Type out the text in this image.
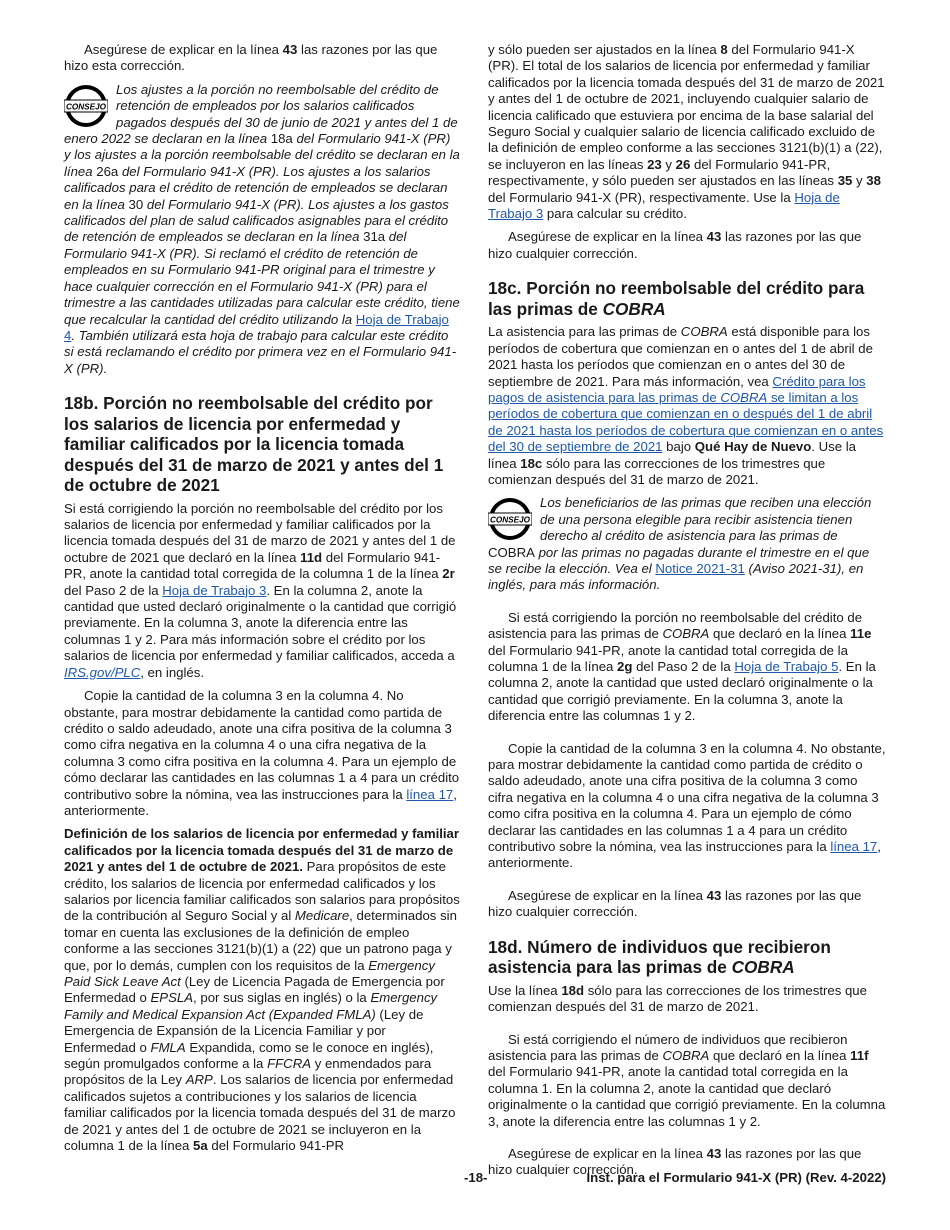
Asegúrese de explicar en la línea 43 las razones por las que hizo esta corrección.

CONSEJO
Los ajustes a la porción no reembolsable del crédito de retención de empleados por los salarios calificados pagados después del 30 de junio de 2021 y antes del 1 de enero 2022 se declaran en la línea 18a del Formulario 941-X (PR) y los ajustes a la porción reembolsable del crédito se declaran en la línea 26a del Formulario 941-X (PR). Los ajustes a los salarios calificados para el crédito de retención de empleados se declaran en la línea 30 del Formulario 941-X (PR). Los ajustes a los gastos calificados del plan de salud calificados asignables para el crédito de retención de empleados se declaran en la línea 31a del Formulario 941-X (PR). Si reclamó el crédito de retención de empleados en su Formulario 941-PR original para el trimestre y hace cualquier corrección en el Formulario 941-X (PR) para el trimestre a las cantidades utilizadas para calcular este crédito, tiene que recalcular la cantidad del crédito utilizando la Hoja de Trabajo 4. También utilizará esta hoja de trabajo para calcular este crédito si está reclamando el crédito por primera vez en el Formulario 941-X (PR).
18b. Porción no reembolsable del crédito por los salarios de licencia por enfermedad y familiar calificados por la licencia tomada después del 31 de marzo de 2021 y antes del 1 de octubre de 2021

Si está corrigiendo la porción no reembolsable del crédito por los salarios de licencia por enfermedad y familiar calificados por la licencia tomada después del 31 de marzo de 2021 y antes del 1 de octubre de 2021 que declaró en la línea 11d del Formulario 941-PR, anote la cantidad total corregida de la columna 1 de la línea 2r del Paso 2 de la Hoja de Trabajo 3. En la columna 2, anote la cantidad que usted declaró originalmente o la cantidad que corrigió previamente. En la columna 3, anote la diferencia entre las columnas 1 y 2. Para más información sobre el crédito por los salarios de licencia por enfermedad y familiar calificados, acceda a IRS.gov/PLC, en inglés.

Copie la cantidad de la columna 3 en la columna 4. No obstante, para mostrar debidamente la cantidad como partida de crédito o saldo adeudado, anote una cifra positiva de la columna 3 como cifra negativa en la columna 4 o una cifra negativa de la columna 3 como cifra positiva en la columna 4. Para un ejemplo de cómo declarar las cantidades en las columnas 1 a 4 para un crédito contributivo sobre la nómina, vea las instrucciones para la línea 17, anteriormente.

Definición de los salarios de licencia por enfermedad y familiar calificados por la licencia tomada después del 31 de marzo de 2021 y antes del 1 de octubre de 2021. Para propósitos de este crédito, los salarios de licencia por enfermedad calificados y los salarios por licencia familiar calificados son salarios para propósitos de la contribución al Seguro Social y al Medicare, determinados sin tomar en cuenta las exclusiones de la definición de empleo conforme a las secciones 3121(b)(1) a (22) que un patrono paga y que, por lo demás, cumplen con los requisitos de la Emergency Paid Sick Leave Act (Ley de Licencia Pagada de Emergencia por Enfermedad o EPSLA, por sus siglas en inglés) o la Emergency Family and Medical Expansion Act (Expanded FMLA) (Ley de Emergencia de Expansión de la Licencia Familiar y por Enfermedad o FMLA Expandida, como se le conoce en inglés), según promulgados conforme a la FFCRA y enmendados para propósitos de la Ley ARP. Los salarios de licencia por enfermedad calificados sujetos a contribuciones y los salarios de licencia familiar calificados por la licencia tomada después del 31 de marzo de 2021 y antes del 1 de octubre de 2021 se incluyeron en la columna 1 de la línea 5a del Formulario 941-PR

y sólo pueden ser ajustados en la línea 8 del Formulario 941-X (PR). El total de los salarios de licencia por enfermedad y familiar calificados por la licencia tomada después del 31 de marzo de 2021 y antes del 1 de octubre de 2021, incluyendo cualquier salario de licencia calificado que estuviera por encima de la base salarial del Seguro Social y cualquier salario de licencia calificado excluido de la definición de empleo conforme a las secciones 3121(b)(1) a (22), se incluyeron en las líneas 23 y 26 del Formulario 941-PR, respectivamente, y sólo pueden ser ajustados en las líneas 35 y 38 del Formulario 941-X (PR), respectivamente. Use la Hoja de Trabajo 3 para calcular su crédito.

Asegúrese de explicar en la línea 43 las razones por las que hizo cualquier corrección.

18c. Porción no reembolsable del crédito para las primas de COBRA

La asistencia para las primas de COBRA está disponible para los períodos de cobertura que comienzan en o antes del 1 de abril de 2021 hasta los períodos que comienzan en o antes del 30 de septiembre de 2021. Para más información, vea Crédito para los pagos de asistencia para las primas de COBRA se limitan a los períodos de cobertura que comienzan en o después del 1 de abril de 2021 hasta los períodos de cobertura que comienzan en o antes del 30 de septiembre de 2021 bajo Qué Hay de Nuevo. Use la línea 18c sólo para las correcciones de los trimestres que comienzan después del 31 de marzo de 2021.

CONSEJO
Los beneficiarios de las primas que reciben una elección de una persona elegible para recibir asistencia tienen derecho al crédito de asistencia para las primas de COBRA por las primas no pagadas durante el trimestre en el que se recibe la elección. Vea el Notice 2021-31 (Aviso 2021-31), en inglés, para más información.

Si está corrigiendo la porción no reembolsable del crédito de asistencia para las primas de COBRA que declaró en la línea 11e del Formulario 941-PR, anote la cantidad total corregida de la columna 1 de la línea 2g del Paso 2 de la Hoja de Trabajo 5. En la columna 2, anote la cantidad que usted declaró originalmente o la cantidad que corrigió previamente. En la columna 3, anote la diferencia entre las columnas 1 y 2.

Copie la cantidad de la columna 3 en la columna 4. No obstante, para mostrar debidamente la cantidad como partida de crédito o saldo adeudado, anote una cifra positiva de la columna 3 como cifra negativa en la columna 4 o una cifra negativa de la columna 3 como cifra positiva en la columna 4. Para un ejemplo de cómo declarar las cantidades en las columnas 1 a 4 para un crédito contributivo sobre la nómina, vea las instrucciones para la línea 17, anteriormente.

Asegúrese de explicar en la línea 43 las razones por las que hizo cualquier corrección.

18d. Número de individuos que recibieron asistencia para las primas de COBRA

Use la línea 18d sólo para las correcciones de los trimestres que comienzan después del 31 de marzo de 2021.

Si está corrigiendo el número de individuos que recibieron asistencia para las primas de COBRA que declaró en la línea 11f del Formulario 941-PR, anote la cantidad total corregida en la columna 1. En la columna 2, anote la cantidad que declaró originalmente o la cantidad que corrigió previamente. En la columna 3, anote la diferencia entre las columnas 1 y 2.

Asegúrese de explicar en la línea 43 las razones por las que hizo cualquier corrección.

-18-	Inst. para el Formulario 941-X (PR) (Rev. 4-2022)
